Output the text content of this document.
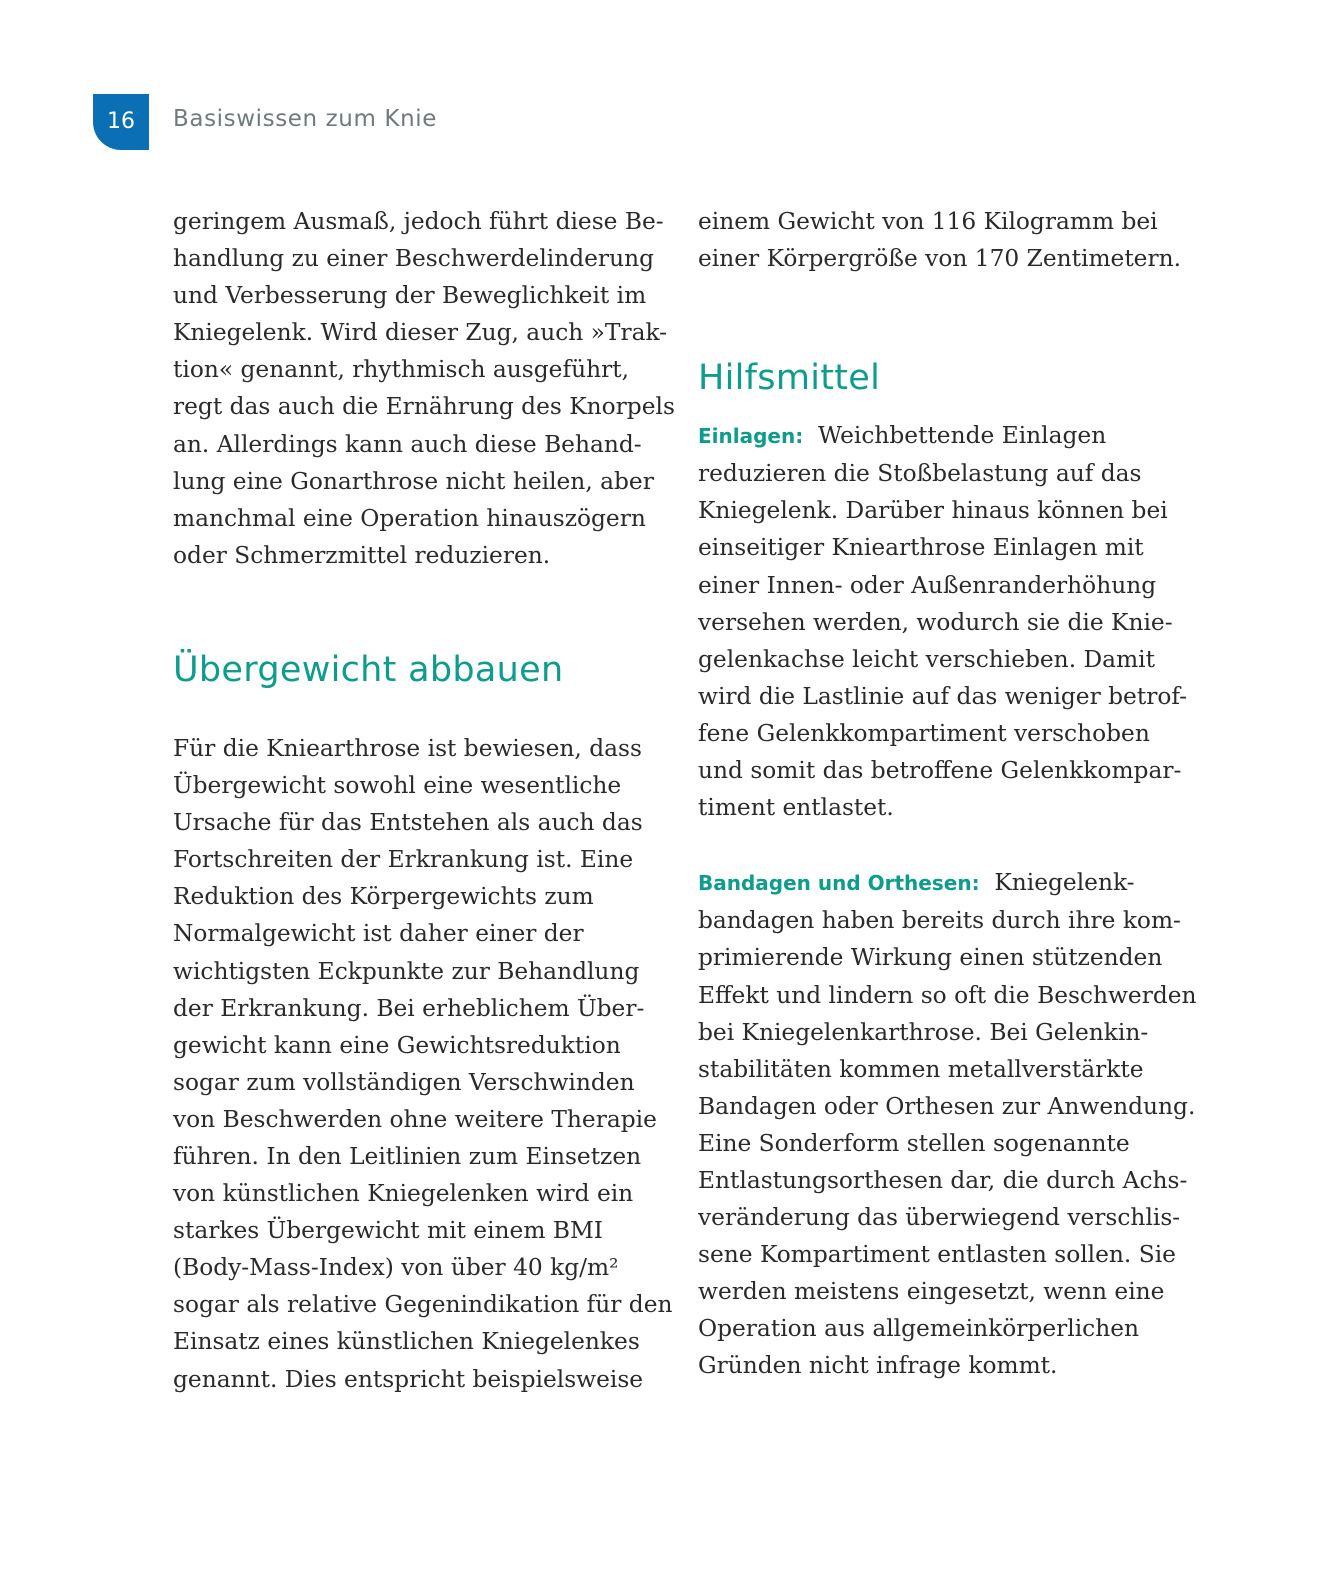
16	Basiswissen zum Knie
geringem Ausmaß, jedoch führt diese Be-
handlung zu einer Beschwerdelinderung
und Verbesserung der Beweglichkeit im
Kniegelenk. Wird dieser Zug, auch »Trak-
tion« genannt, rhythmisch ausgeführt,
regt das auch die Ernährung des Knorpels
an. Allerdings kann auch diese Behand-
lung eine Gonarthrose nicht heilen, aber
manchmal eine Operation hinauszögern
oder Schmerzmittel reduzieren.
Übergewicht abbauen
Für die Kniearthrose ist bewiesen, dass
Übergewicht sowohl eine wesentliche
Ursache für das Entstehen als auch das
Fortschreiten der Erkrankung ist. Eine
Reduktion des Körpergewichts zum
Normalgewicht ist daher einer der
wichtigsten Eckpunkte zur Behandlung
der Erkrankung. Bei erheblichem Über-
gewicht kann eine Gewichtsreduktion
sogar zum vollständigen Verschwinden
von Beschwerden ohne weitere Therapie
führen. In den Leitlinien zum Einsetzen
von künstlichen Kniegelenken wird ein
starkes Übergewicht mit einem BMI
(Body-Mass-Index) von über 40 kg/m²
sogar als relative Gegenindikation für den
Einsatz eines künstlichen Kniegelenkes
genannt. Dies entspricht beispielsweise
einem Gewicht von 116 Kilogramm bei
einer Körpergröße von 170 Zentimetern.
Hilfsmittel
Einlagen: Weichbettende Einlagen
reduzieren die Stoßbelastung auf das
Kniegelenk. Darüber hinaus können bei
einseitiger Kniearthrose Einlagen mit
einer Innen- oder Außenranderhöhung
versehen werden, wodurch sie die Knie-
gelenkachse leicht verschieben. Damit
wird die Lastlinie auf das weniger betrof-
fene Gelenkkompartiment verschoben
und somit das betroffene Gelenkkompar-
timent entlastet.
Bandagen und Orthesen: Kniegelenk-
bandagen haben bereits durch ihre kom-
primierende Wirkung einen stützenden
Effekt und lindern so oft die Beschwerden
bei Kniegelenkarthrose. Bei Gelenkin-
stabilitäten kommen metallverstärkte
Bandagen oder Orthesen zur Anwendung.
Eine Sonderform stellen sogenannte
Entlastungsorthesen dar, die durch Achs-
veränderung das überwiegend verschlis-
sene Kompartiment entlasten sollen. Sie
werden meistens eingesetzt, wenn eine
Operation aus allgemeinkörperlichen
Gründen nicht infrage kommt.
